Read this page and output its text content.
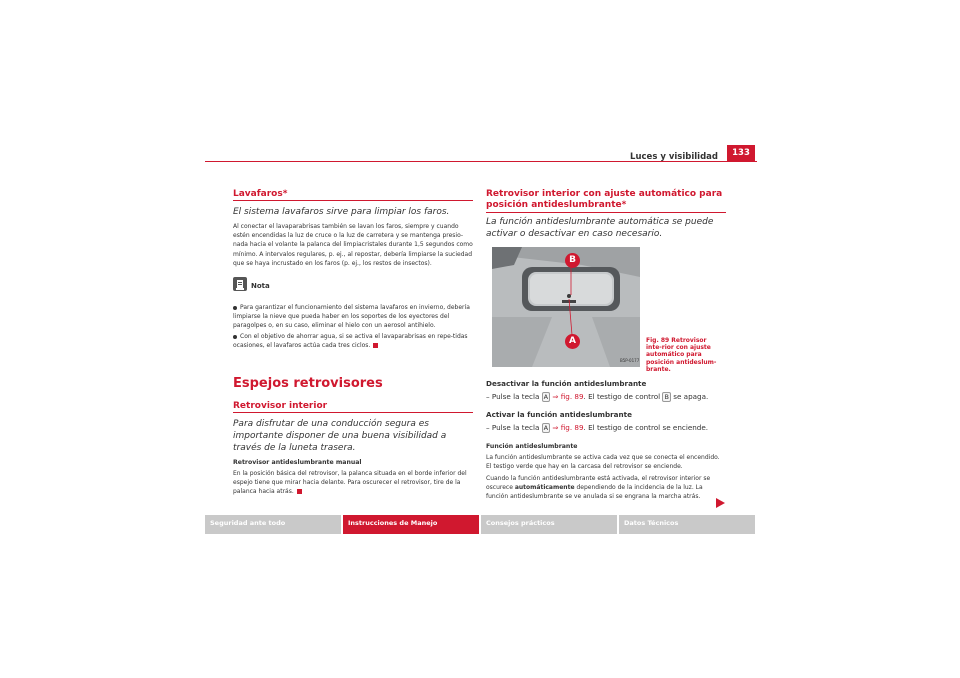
Luces y visibilidad	133
Lavafaros*
El sistema lavafaros sirve para limpiar los faros.
Al conectar el lavaparabrisas también se lavan los faros, siempre y cuando estén encendidas la luz de cruce o la luz de carretera y se mantenga presio-nada hacia el volante la palanca del limpiacristales durante 1,5 segundos como mínimo. A intervalos regulares, p. ej., al repostar, debería limpiarse la suciedad que se haya incrustado en los faros (p. ej., los restos de insectos).
Nota
Para garantizar el funcionamiento del sistema lavafaros en invierno, debería limpiarse la nieve que pueda haber en los soportes de los eyectores del paragolpes o, en su caso, eliminar el hielo con un aerosol antihielo.
Con el objetivo de ahorrar agua, si se activa el lavaparabrisas en repe-tidas ocasiones, el lavafaros actúa cada tres ciclos.
Espejos retrovisores
Retrovisor interior
Para disfrutar de una conducción segura es importante disponer de una buena visibilidad a través de la luneta trasera.
Retrovisor antideslumbrante manual
En la posición básica del retrovisor, la palanca situada en el borde inferior del espejo tiene que mirar hacia delante. Para oscurecer el retrovisor, tire de la palanca hacia atrás.
Retrovisor interior con ajuste automático para posición antideslumbrante*
La función antideslumbrante automática se puede activar o desactivar en caso necesario.
B
A
B5P-0177
Fig. 89 Retrovisor inte-rior con ajuste automático para posición antideslum-brante.
Desactivar la función antideslumbrante
– Pulse la tecla A ⇒ fig. 89. El testigo de control B se apaga.
Activar la función antideslumbrante
– Pulse la tecla A ⇒ fig. 89. El testigo de control se enciende.
Función antideslumbrante
La función antideslumbrante se activa cada vez que se conecta el encendido. El testigo verde que hay en la carcasa del retrovisor se enciende.
Cuando la función antideslumbrante está activada, el retrovisor interior se oscurece automáticamente dependiendo de la incidencia de la luz. La función antideslumbrante se ve anulada si se engrana la marcha atrás.
Seguridad ante todo	Instrucciones de Manejo	Consejos prácticos	Datos Técnicos
